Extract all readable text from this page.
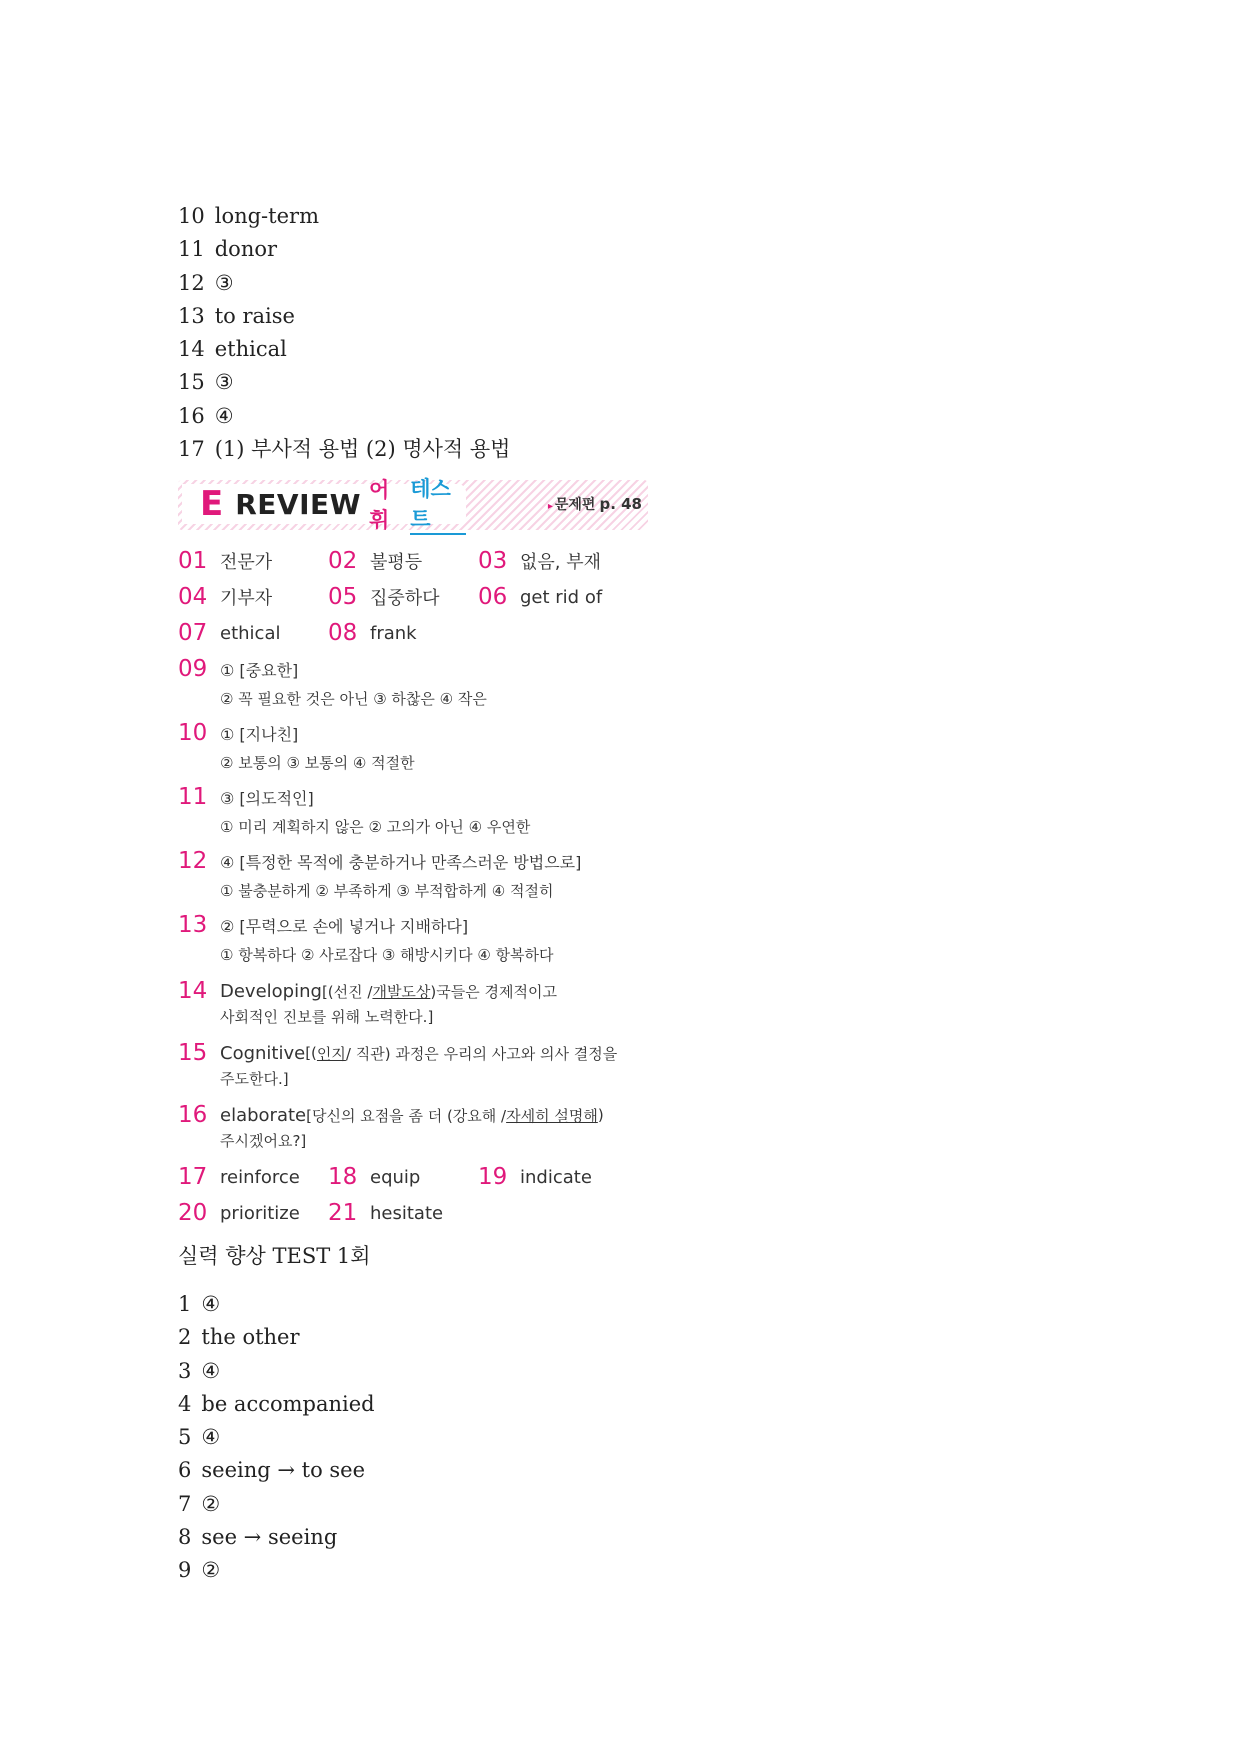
10 long-term
11 donor
12 ③
13 to raise
14 ethical
15 ③
16 ④
17 (1) 부사적 용법 (2) 명사적 용법
E REVIEW 어휘
테스트
▸ 문제편 p. 48
01 전문가 02 불평등 03 없음, 부재
04 기부자 05 집중하다 06 get rid of
07 ethical 08 frank
09 ① [중요한]
② 꼭 필요한 것은 아닌 ③ 하찮은 ④ 작은
10 ① [지나친]
② 보통의 ③ 보통의 ④ 적절한
11 ③ [의도적인]
① 미리 계획하지 않은 ② 고의가 아닌 ④ 우연한
12 ④ [특정한 목적에 충분하거나 만족스러운 방법으로]
① 불충분하게 ② 부족하게 ③ 부적합하게 ④ 적절히
13 ② [무력으로 손에 넣거나 지배하다]
① 항복하다 ② 사로잡다 ③ 해방시키다 ④ 항복하다
14 Developing [(선진 / 개발도상 )국들은 경제적이고
사회적인 진보를 위해 노력한다.]
15 Cognitive [( 인지 / 직관) 과정은 우리의 사고와 의사 결정을
주도한다.]
16 elaborate [당신의 요점을 좀 더 (강요해 / 자세히 설명해 )
주시겠어요?]
17 reinforce 18 equip	19 indicate
20 prioritize 21 hesitate
실력 향상 TEST 1회
1 ④
2 the other
3 ④
4 be accompanied
5 ④
6 seeing → to see
7 ②
8 see → seeing
9 ②
